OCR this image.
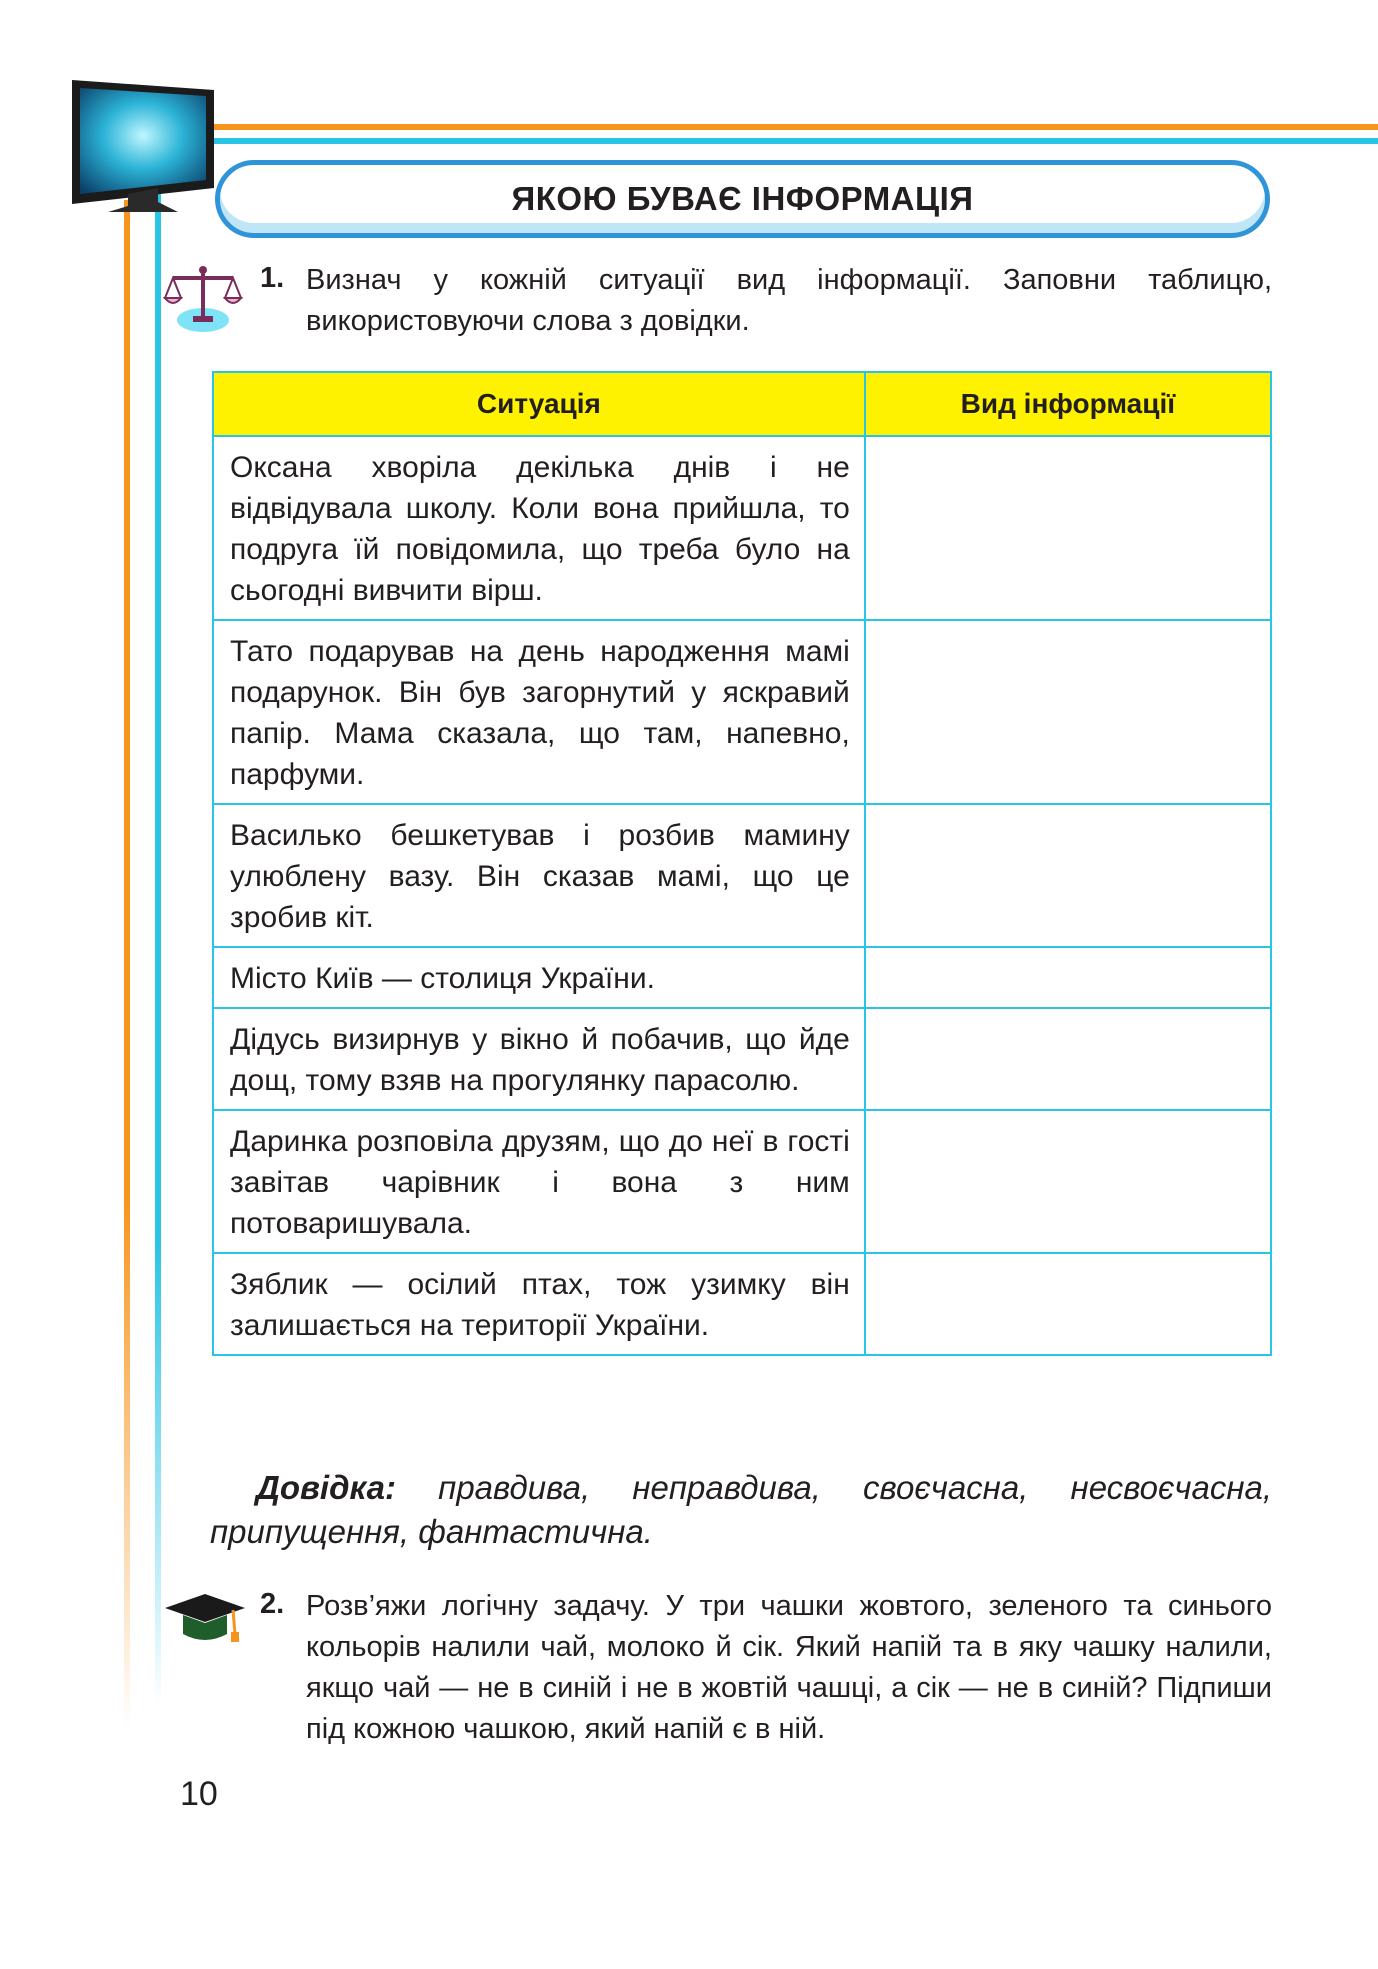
ЯКОЮ БУВАЄ ІНФОРМАЦІЯ
1. Визнач у кожній ситуації вид інформації. Заповни таблицю, використовуючи слова з довідки.
Ситуація	Вид інформації
Оксана хворіла декілька днів і не відвідувала школу. Коли вона прийшла, то подруга їй повідомила, що треба було на сьогодні вивчити вірш.	
Тато подарував на день народження мамі подарунок. Він був загорнутий у яскравий папір. Мама сказала, що там, напевно, парфуми.	
Василько бешкетував і розбив мамину улюблену вазу. Він сказав мамі, що це зробив кіт.	
Місто Київ — столиця України.	
Дідусь визирнув у вікно й побачив, що йде дощ, тому взяв на прогулянку парасолю.	
Даринка розповіла друзям, що до неї в гості завітав чарівник і вона з ним потоваришувала.	
Зяблик — осілий птах, тож узимку він залишається на території України.	
Довідка: правдива, неправдива, своєчасна, несвоєчасна, припущення, фантастична.
2. Розв’яжи логічну задачу. У три чашки жовтого, зеленого та синього кольорів налили чай, молоко й сік. Який напій та в яку чашку налили, якщо чай — не в синій і не в жовтій чашці, а сік — не в синій? Підпиши під кожною чашкою, який напій є в ній.
10
